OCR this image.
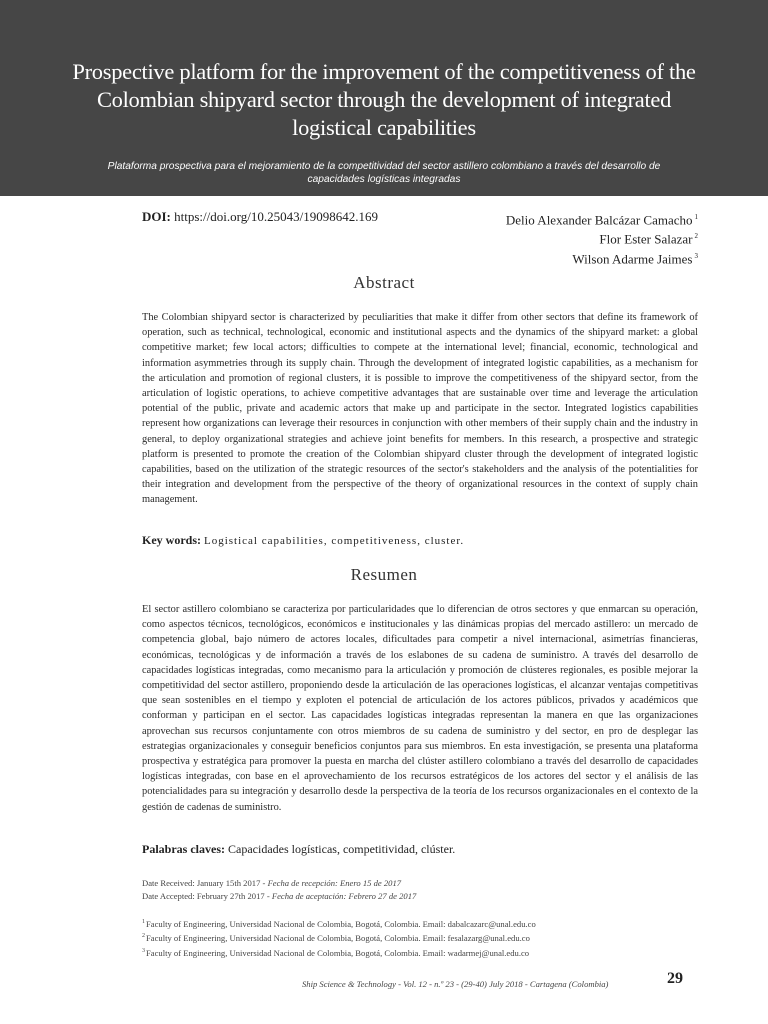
Prospective platform for the improvement of the competitiveness of the Colombian shipyard sector through the development of integrated logistical capabilities
Plataforma prospectiva para el mejoramiento de la competitividad del sector astillero colombiano a través del desarrollo de capacidades logísticas integradas
DOI: https://doi.org/10.25043/19098642.169	Delio Alexander Balcázar Camacho $^1$
Flor Ester Salazar $^2$
Wilson Adarme Jaimes $^3$
Abstract
The Colombian shipyard sector is characterized by peculiarities that make it differ from other sectors that define its framework of operation, such as technical, technological, economic and institutional aspects and the dynamics of the shipyard market: a global competitive market; few local actors; difficulties to compete at the international level; financial, economic, technological and information asymmetries through its supply chain. Through the development of integrated logistic capabilities, as a mechanism for the articulation and promotion of regional clusters, it is possible to improve the competitiveness of the shipyard sector, from the articulation of logistic operations, to achieve competitive advantages that are sustainable over time and leverage the articulation potential of the public, private and academic actors that make up and participate in the sector. Integrated logistics capabilities represent how organizations can leverage their resources in conjunction with other members of their supply chain and the industry in general, to deploy organizational strategies and achieve joint benefits for members. In this research, a prospective and strategic platform is presented to promote the creation of the Colombian shipyard cluster through the development of integrated logistic capabilities, based on the utilization of the strategic resources of the sector's stakeholders and the analysis of the potentialities for their integration and development from the perspective of the theory of organizational resources in the context of supply chain management.
Key words: Logistical capabilities, competitiveness, cluster.
Resumen
El sector astillero colombiano se caracteriza por particularidades que lo diferencian de otros sectores y que enmarcan su operación, como aspectos técnicos, tecnológicos, económicos e institucionales y las dinámicas propias del mercado astillero: un mercado de competencia global, bajo número de actores locales, dificultades para competir a nivel internacional, asimetrías financieras, económicas, tecnológicas y de información a través de los eslabones de su cadena de suministro. A través del desarrollo de capacidades logísticas integradas, como mecanismo para la articulación y promoción de clústeres regionales, es posible mejorar la competitividad del sector astillero, proponiendo desde la articulación de las operaciones logísticas, el alcanzar ventajas competitivas que sean sostenibles en el tiempo y exploten el potencial de articulación de los actores públicos, privados y académicos que conforman y participan en el sector. Las capacidades logísticas integradas representan la manera en que las organizaciones aprovechan sus recursos conjuntamente con otros miembros de su cadena de suministro y del sector, en pro de desplegar las estrategias organizacionales y conseguir beneficios conjuntos para sus miembros. En esta investigación, se presenta una plataforma prospectiva y estratégica para promover la puesta en marcha del clúster astillero colombiano a través del desarrollo de capacidades logísticas integradas, con base en el aprovechamiento de los recursos estratégicos de los actores del sector y el análisis de las potencialidades para su integración y desarrollo desde la perspectiva de la teoría de los recursos organizacionales en el contexto de la gestión de cadenas de suministro.
Palabras claves: Capacidades logísticas, competitividad, clúster.
Date Received: January 15th 2017 - Fecha de recepción: Enero 15 de 2017
Date Accepted: February 27th 2017 - Fecha de aceptación: Febrero 27 de 2017
$^1$Faculty of Engineering, Universidad Nacional de Colombia, Bogotá, Colombia. Email: dabalcazarc@unal.edu.co
$^2$Faculty of Engineering, Universidad Nacional de Colombia, Bogotá, Colombia. Email: fesalazarg@unal.edu.co
$^3$Faculty of Engineering, Universidad Nacional de Colombia, Bogotá, Colombia. Email: wadarmej@unal.edu.co
Ship Science & Technology - Vol. 12 - n.º 23 - (29-40) July 2018 - Cartagena (Colombia)	29
